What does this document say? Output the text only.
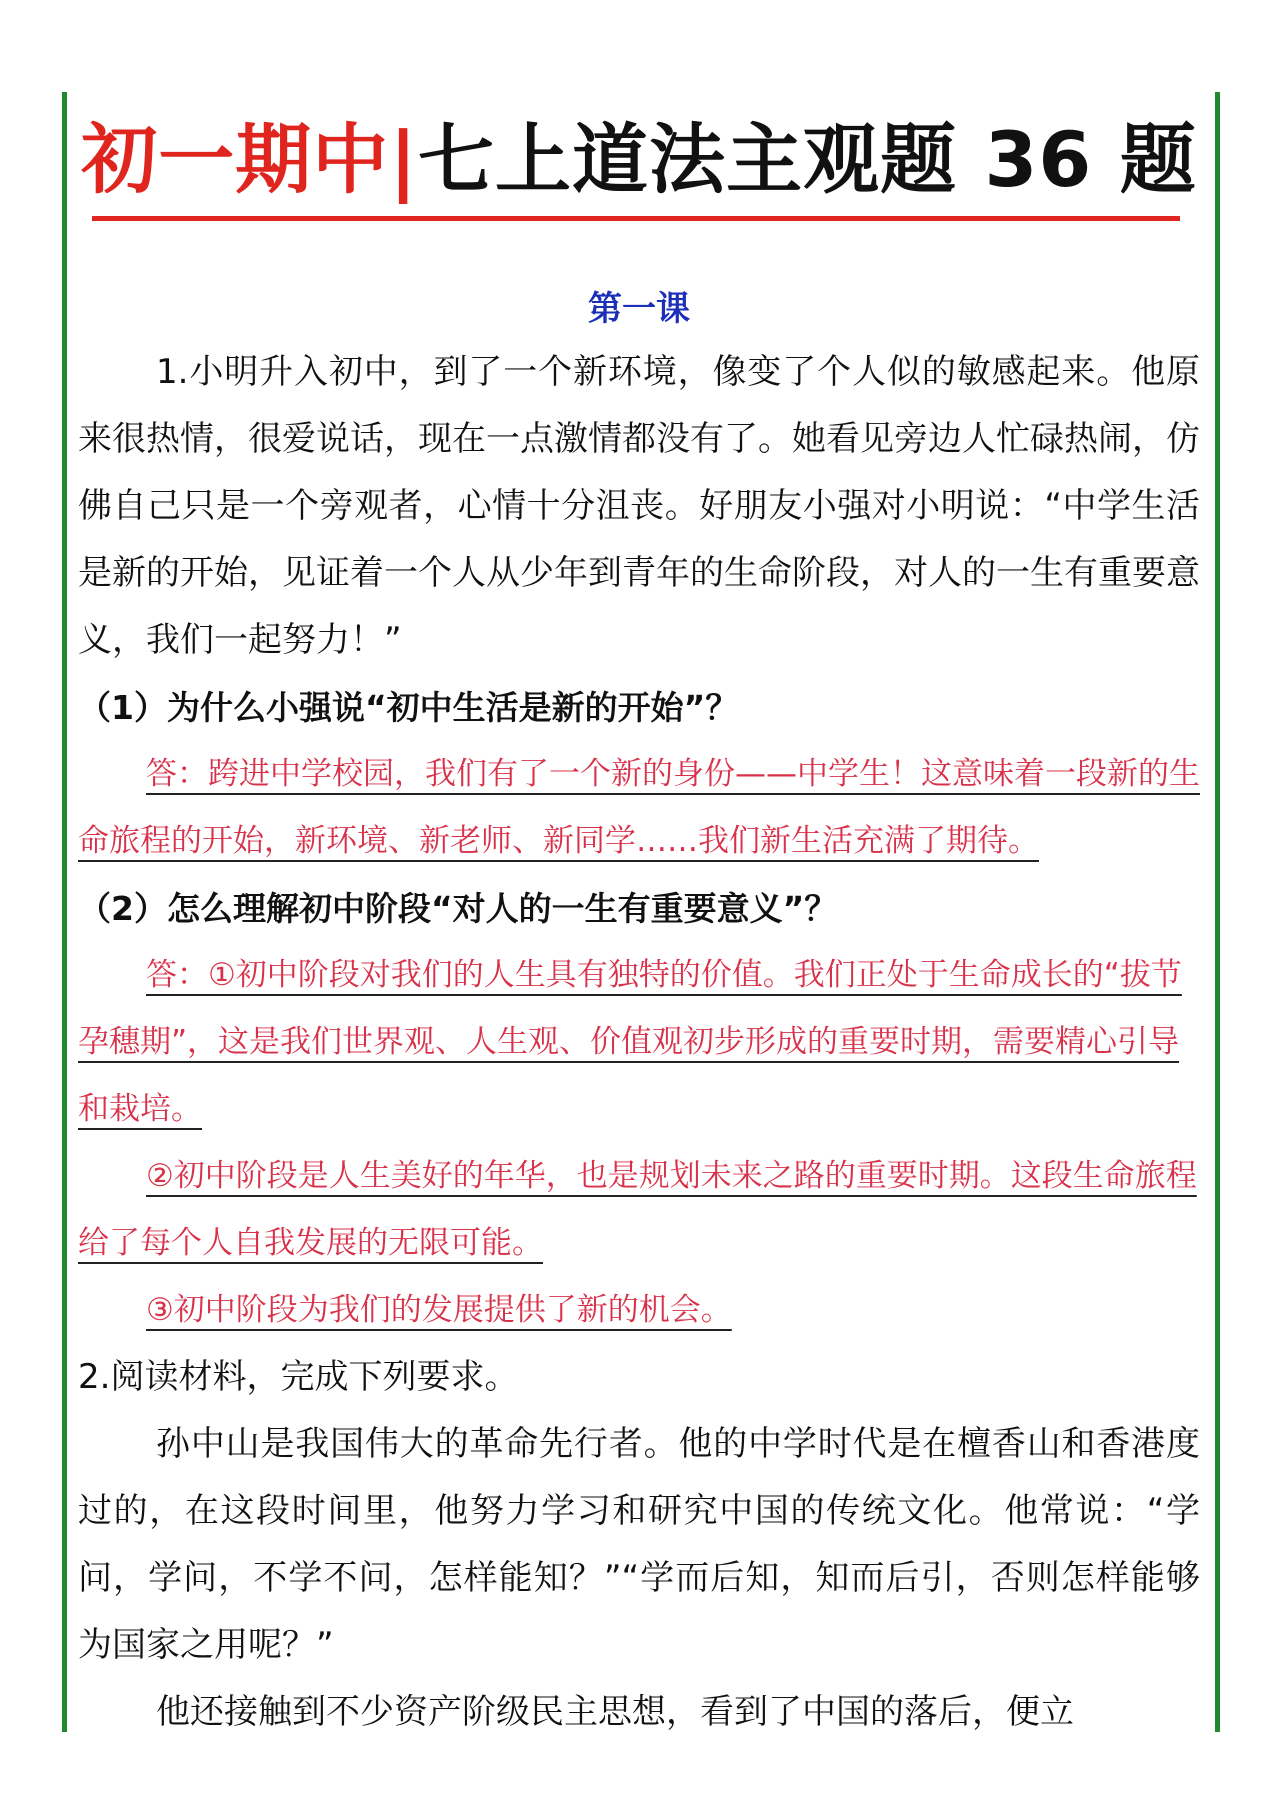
初一期中 | 七上道法主观题 36 题
第一课

1.小明升入初中，到了一个新环境，像变了个人似的敏感起来。他原来很热情，很爱说话，现在一点激情都没有了。她看见旁边人忙碌热闹，仿佛自己只是一个旁观者，心情十分沮丧。好朋友小强对小明说：“中学生活是新的开始，见证着一个人从少年到青年的生命阶段，对人的一生有重要意义，我们一起努力！”

（1）为什么小强说“初中生活是新的开始”？

答：跨进中学校园，我们有了一个新的身份——中学生！这意味着一段新的生命旅程的开始，新环境、新老师、新同学……我们新生活充满了期待。

（2）怎么理解初中阶段“对人的一生有重要意义”？

答：①初中阶段对我们的人生具有独特的价值。我们正处于生命成长的“拔节孕穗期”，这是我们世界观、人生观、价值观初步形成的重要时期，需要精心引导和栽培。

②初中阶段是人生美好的年华，也是规划未来之路的重要时期。这段生命旅程给了每个人自我发展的无限可能。

③初中阶段为我们的发展提供了新的机会。

2.阅读材料，完成下列要求。

孙中山是我国伟大的革命先行者。他的中学时代是在檀香山和香港度过的，在这段时间里，他努力学习和研究中国的传统文化。他常说：“学问，学问，不学不问，怎样能知？”“学而后知，知而后引，否则怎样能够为国家之用呢？”

他还接触到不少资产阶级民主思想，看到了中国的落后，便立
